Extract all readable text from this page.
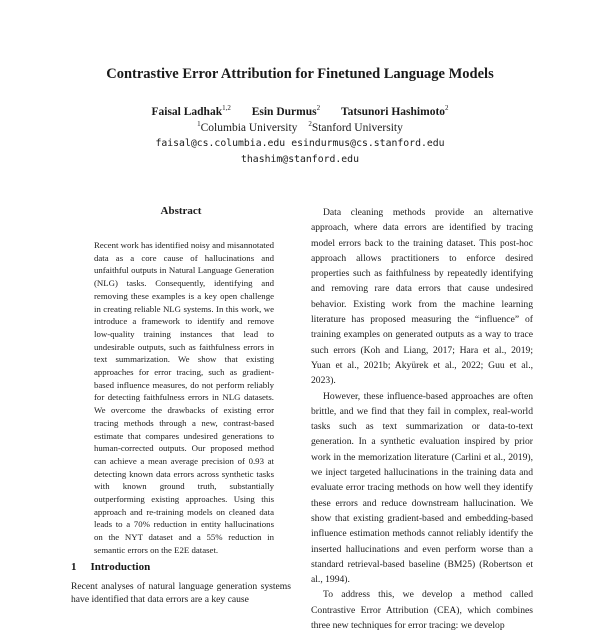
Contrastive Error Attribution for Finetuned Language Models
Faisal Ladhak$^{1,2}$ Esin Durmus$^2$ Tatsunori Hashimoto$^2$
$^1$Columbia University $^2$Stanford University
faisal@cs.columbia.edu esindurmus@cs.stanford.edu
thashim@stanford.edu
Abstract
Recent work has identified noisy and misannotated data as a core cause of hallucinations and unfaithful outputs in Natural Language Generation (NLG) tasks. Consequently, identifying and removing these examples is a key open challenge in creating reliable NLG systems. In this work, we introduce a framework to identify and remove low-quality training instances that lead to undesirable outputs, such as faithfulness errors in text summarization. We show that existing approaches for error tracing, such as gradient-based influence measures, do not perform reliably for detecting faithfulness errors in NLG datasets. We overcome the drawbacks of existing error tracing methods through a new, contrast-based estimate that compares undesired generations to human-corrected outputs. Our proposed method can achieve a mean average precision of 0.93 at detecting known data errors across synthetic tasks with known ground truth, substantially outperforming existing approaches. Using this approach and re-training models on cleaned data leads to a 70% reduction in entity hallucinations on the NYT dataset and a 55% reduction in semantic errors on the E2E dataset.
1 Introduction
Recent analyses of natural language generation systems have identified that data errors are a key cause

Data cleaning methods provide an alternative approach, where data errors are identified by tracing model errors back to the training dataset. This post-hoc approach allows practitioners to enforce desired properties such as faithfulness by repeatedly identifying and removing rare data errors that cause undesired behavior. Existing work from the machine learning literature has proposed measuring the “influence” of training examples on generated outputs as a way to trace such errors (Koh and Liang, 2017; Hara et al., 2019; Yuan et al., 2021b; Akyürek et al., 2022; Guu et al., 2023).

However, these influence-based approaches are often brittle, and we find that they fail in complex, real-world tasks such as text summarization or data-to-text generation. In a synthetic evaluation inspired by prior work in the memorization literature (Carlini et al., 2019), we inject targeted hallucinations in the training data and evaluate error tracing methods on how well they identify these errors and reduce downstream hallucination. We show that existing gradient-based and embedding-based influence estimation methods cannot reliably identify the inserted hallucinations and even perform worse than a standard retrieval-based baseline (BM25) (Robertson et al., 1994).

To address this, we develop a method called Contrastive Error Attribution (CEA), which combines three new techniques for error tracing: we develop
